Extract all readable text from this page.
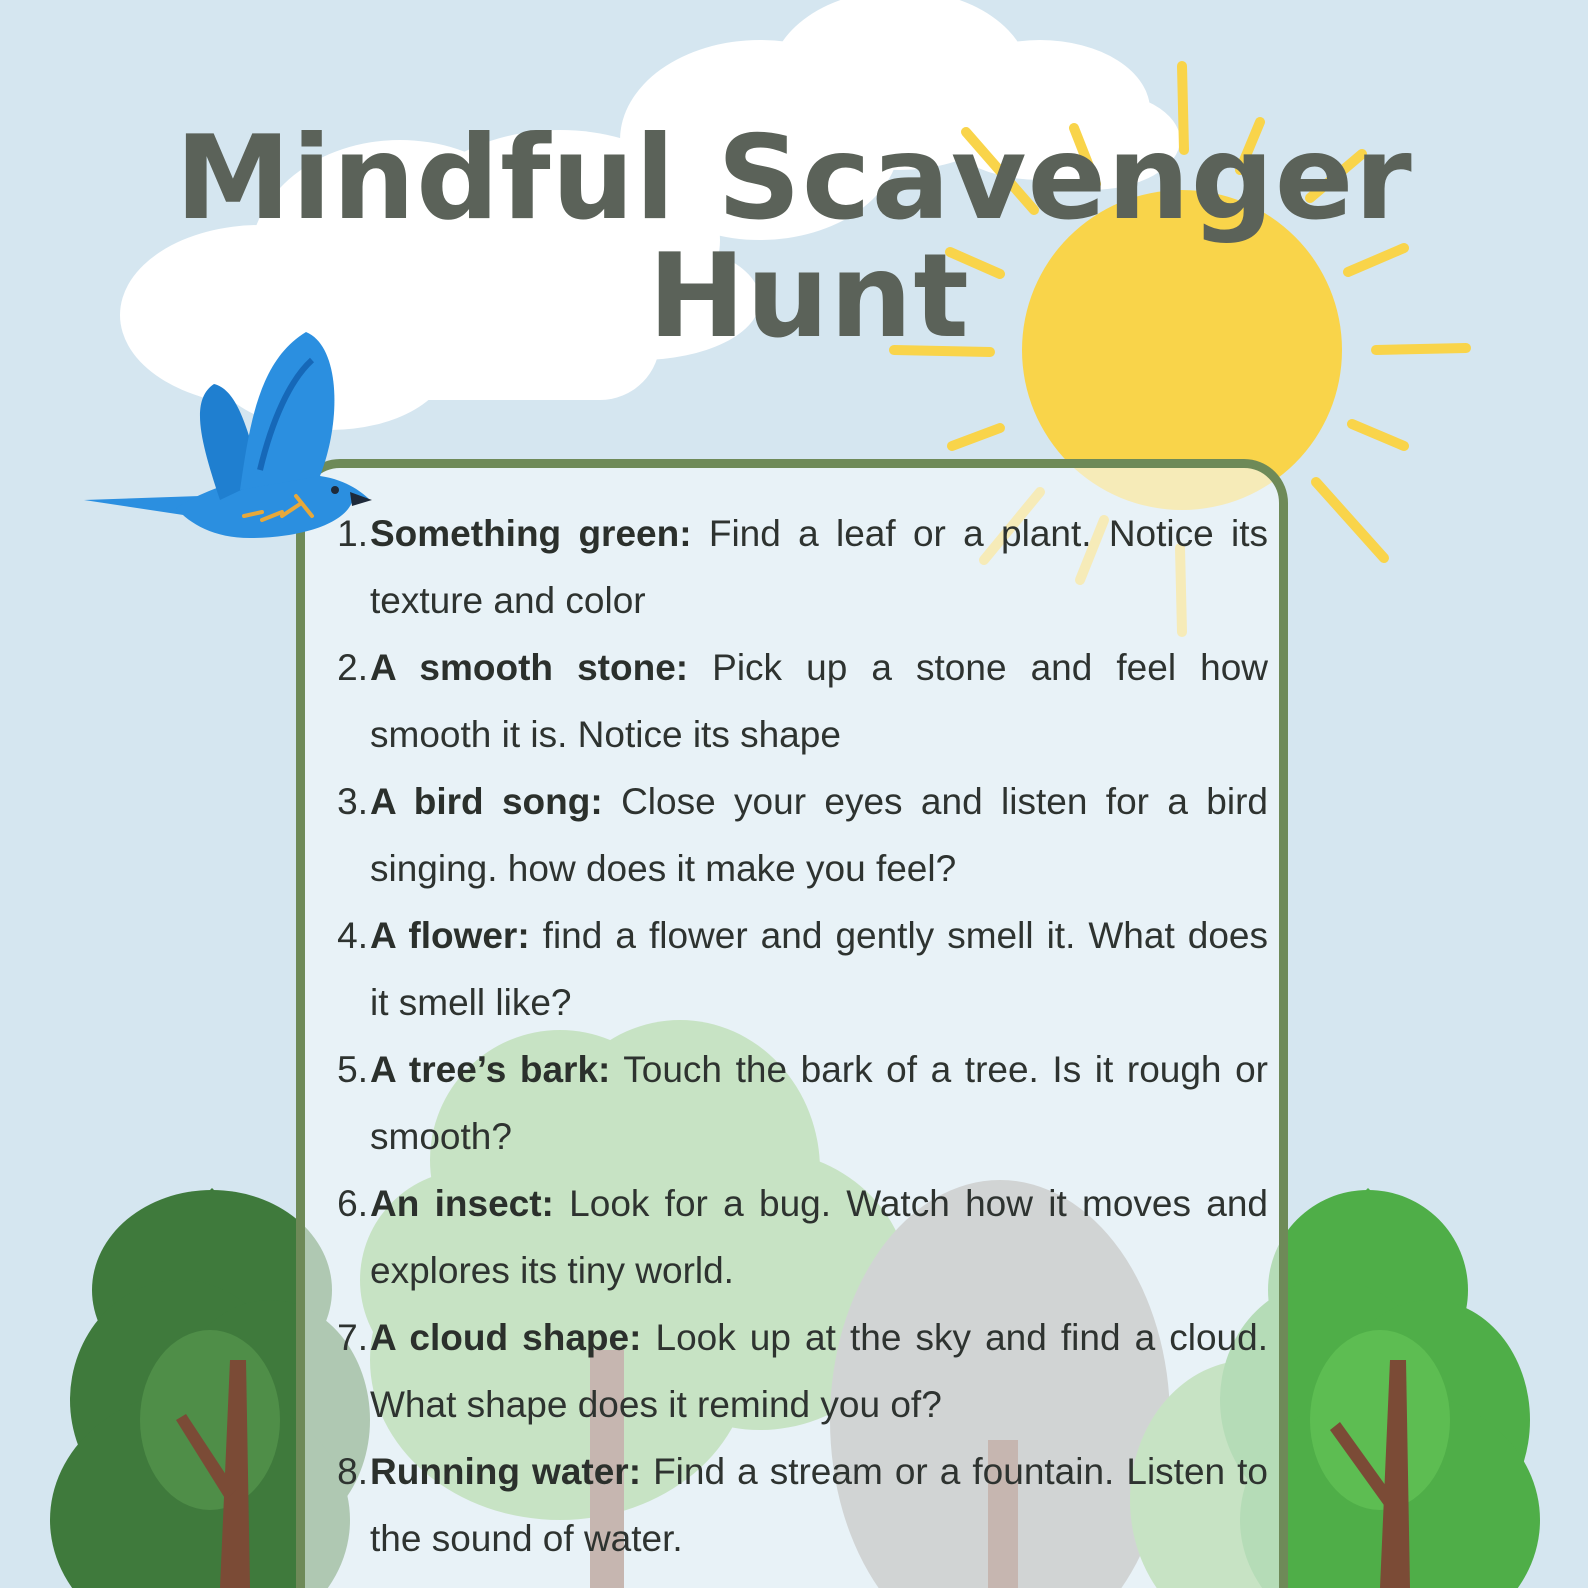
Mindful Scavenger
Hunt
1. Something green: Find a leaf or a plant. Notice its texture and color
2. A smooth stone: Pick up a stone and feel how smooth it is. Notice its shape
3. A bird song: Close your eyes and listen for a bird singing. how does it make you feel?
4. A flower: find a flower and gently smell it. What does it smell like?
5. A tree’s bark: Touch the bark of a tree. Is it rough or smooth?
6. An insect: Look for a bug. Watch how it moves and explores its tiny world.
7. A cloud shape: Look up at the sky and find a cloud. What shape does it remind you of?
8. Running water: Find a stream or a fountain. Listen to the sound of water.
